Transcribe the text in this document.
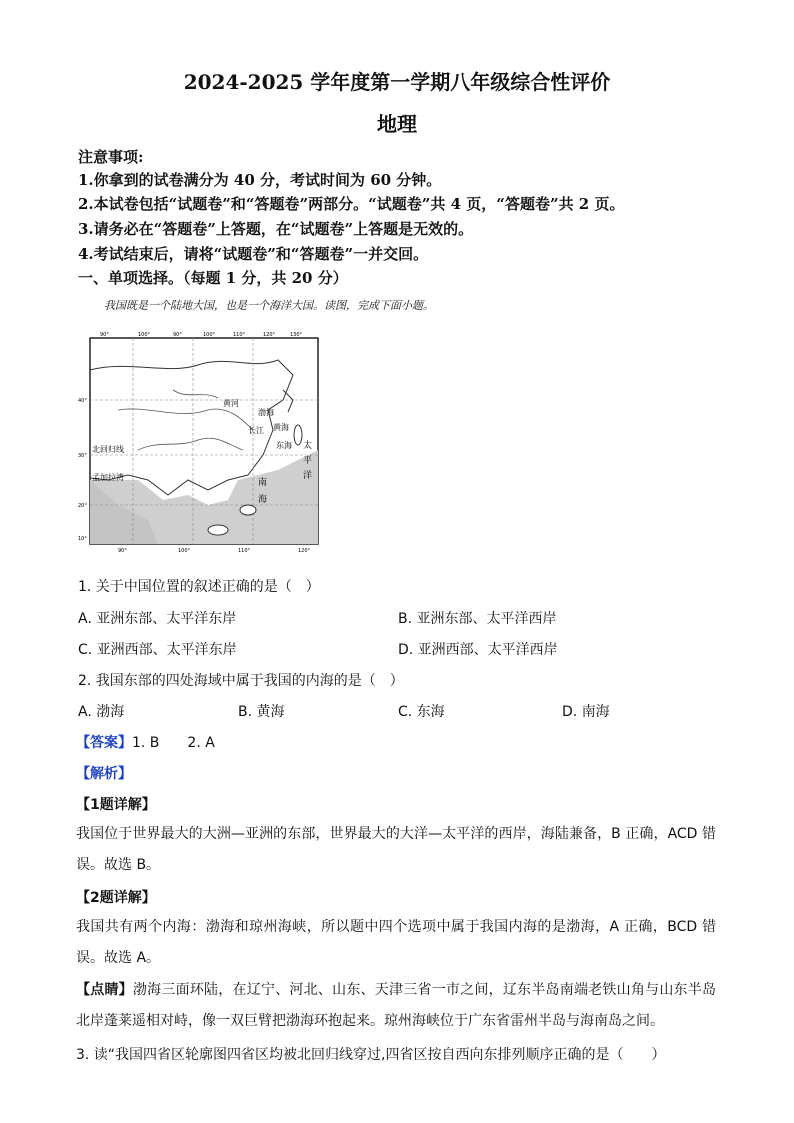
2024-2025 学年度第一学期八年级综合性评价
地理
注意事项:
1.你拿到的试卷满分为 40 分，考试时间为 60 分钟。
2.本试卷包括“试题卷”和“答题卷”两部分。“试题卷”共 4 页，“答题卷”共 2 页。
3.请务必在“答题卷”上答题，在“试题卷”上答题是无效的。
4.考试结束后，请将“试题卷”和“答题卷”一并交回。
一、单项选择。（每题 1 分，共 20 分）
我国既是一个陆地大国，也是一个海洋大国。读图，完成下面小题。
渤海
黄海
东海
黄河
长江
太
平
洋
南
海
北回归线
孟加拉湾
90°	100°	90°	100°	110°	120°	130°
90°	100°	110°	120°
40°
30°
20°
10°
1. 关于中国位置的叙述正确的是（　）
A. 亚洲东部、太平洋东岸	B. 亚洲东部、太平洋西岸
C. 亚洲西部、太平洋东岸	D. 亚洲西部、太平洋西岸
2. 我国东部的四处海域中属于我国的内海的是（　）
A. 渤海	B. 黄海	C. 东海	D. 南海
【答案】1. B　　2. A
【解析】
【1题详解】
我国位于世界最大的大洲—亚洲的东部，世界最大的大洋—太平洋的西岸，海陆兼备，B 正确，ACD 错误。故选 B。
【2题详解】
我国共有两个内海：渤海和琼州海峡，所以题中四个选项中属于我国内海的是渤海，A 正确，BCD 错误。故选 A。
【点睛】渤海三面环陆，在辽宁、河北、山东、天津三省一市之间，辽东半岛南端老铁山角与山东半岛北岸蓬莱遥相对峙，像一双巨臂把渤海环抱起来。琼州海峡位于广东省雷州半岛与海南岛之间。
3. 读“我国四省区轮廓图四省区均被北回归线穿过,四省区按自西向东排列顺序正确的是（　　）
